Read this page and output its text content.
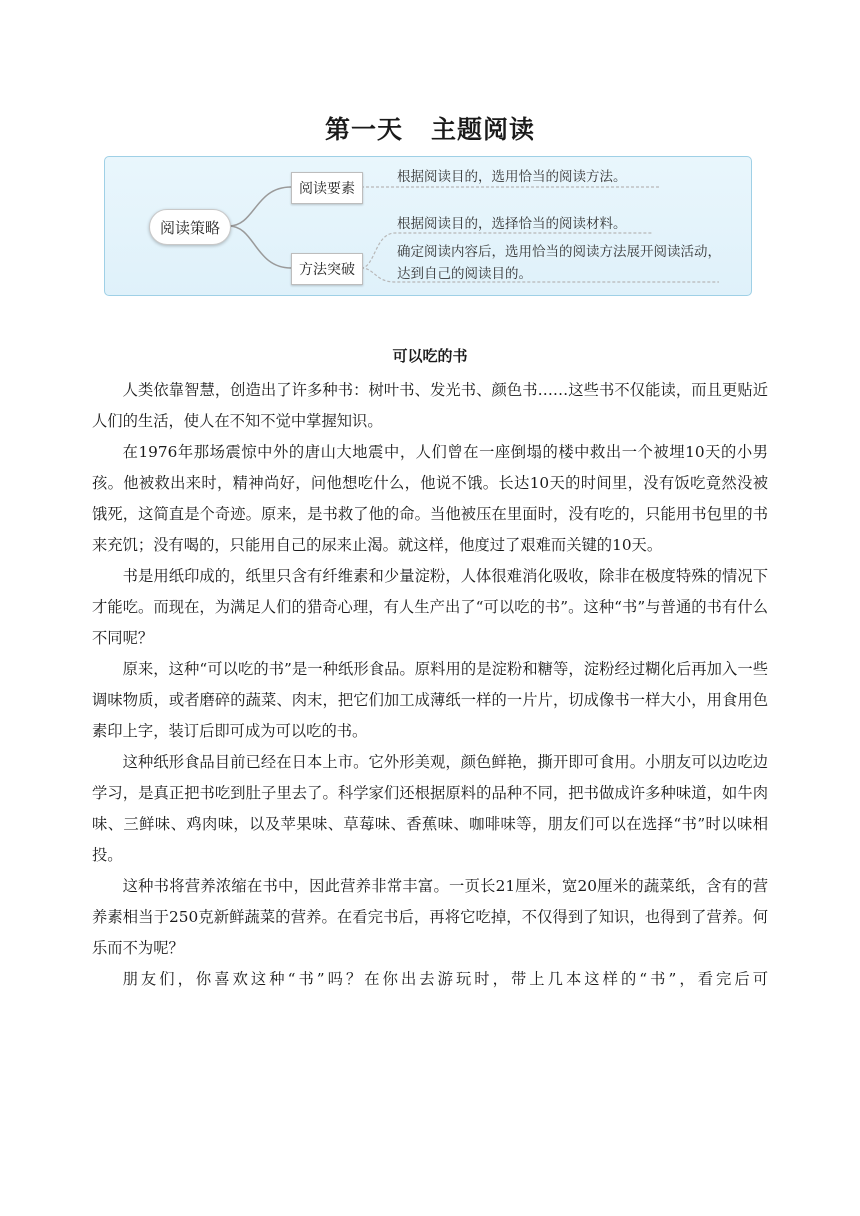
第一天 主题阅读
阅读策略
阅读要素
方法突破
根据阅读目的，选用恰当的阅读方法。
根据阅读目的，选择恰当的阅读材料。
确定阅读内容后，选用恰当的阅读方法展开阅读活动，达到自己的阅读目的。
可以吃的书

人类依靠智慧，创造出了许多种书：树叶书、发光书、颜色书……这些书不仅能读，而且更贴近人们的生活，使人在不知不觉中掌握知识。

在1976年那场震惊中外的唐山大地震中，人们曾在一座倒塌的楼中救出一个被埋10天的小男孩。他被救出来时，精神尚好，问他想吃什么，他说不饿。长达10天的时间里，没有饭吃竟然没被饿死，这简直是个奇迹。原来，是书救了他的命。当他被压在里面时，没有吃的，只能用书包里的书来充饥；没有喝的，只能用自己的尿来止渴。就这样，他度过了艰难而关键的10天。

书是用纸印成的，纸里只含有纤维素和少量淀粉，人体很难消化吸收，除非在极度特殊的情况下才能吃。而现在，为满足人们的猎奇心理，有人生产出了“可以吃的书”。这种“书”与普通的书有什么不同呢？

原来，这种“可以吃的书”是一种纸形食品。原料用的是淀粉和糖等，淀粉经过糊化后再加入一些调味物质，或者磨碎的蔬菜、肉末，把它们加工成薄纸一样的一片片，切成像书一样大小，用食用色素印上字，装订后即可成为可以吃的书。

这种纸形食品目前已经在日本上市。它外形美观，颜色鲜艳，撕开即可食用。小朋友可以边吃边学习，是真正把书吃到肚子里去了。科学家们还根据原料的品种不同，把书做成许多种味道，如牛肉味、三鲜味、鸡肉味，以及苹果味、草莓味、香蕉味、咖啡味等，朋友们可以在选择“书”时以味相投。

这种书将营养浓缩在书中，因此营养非常丰富。一页长21厘米，宽20厘米的蔬菜纸，含有的营养素相当于250克新鲜蔬菜的营养。在看完书后，再将它吃掉，不仅得到了知识，也得到了营养。何乐而不为呢？

朋友们，你喜欢这种“书”吗？在你出去游玩时，带上几本这样的“书”，看完后可
